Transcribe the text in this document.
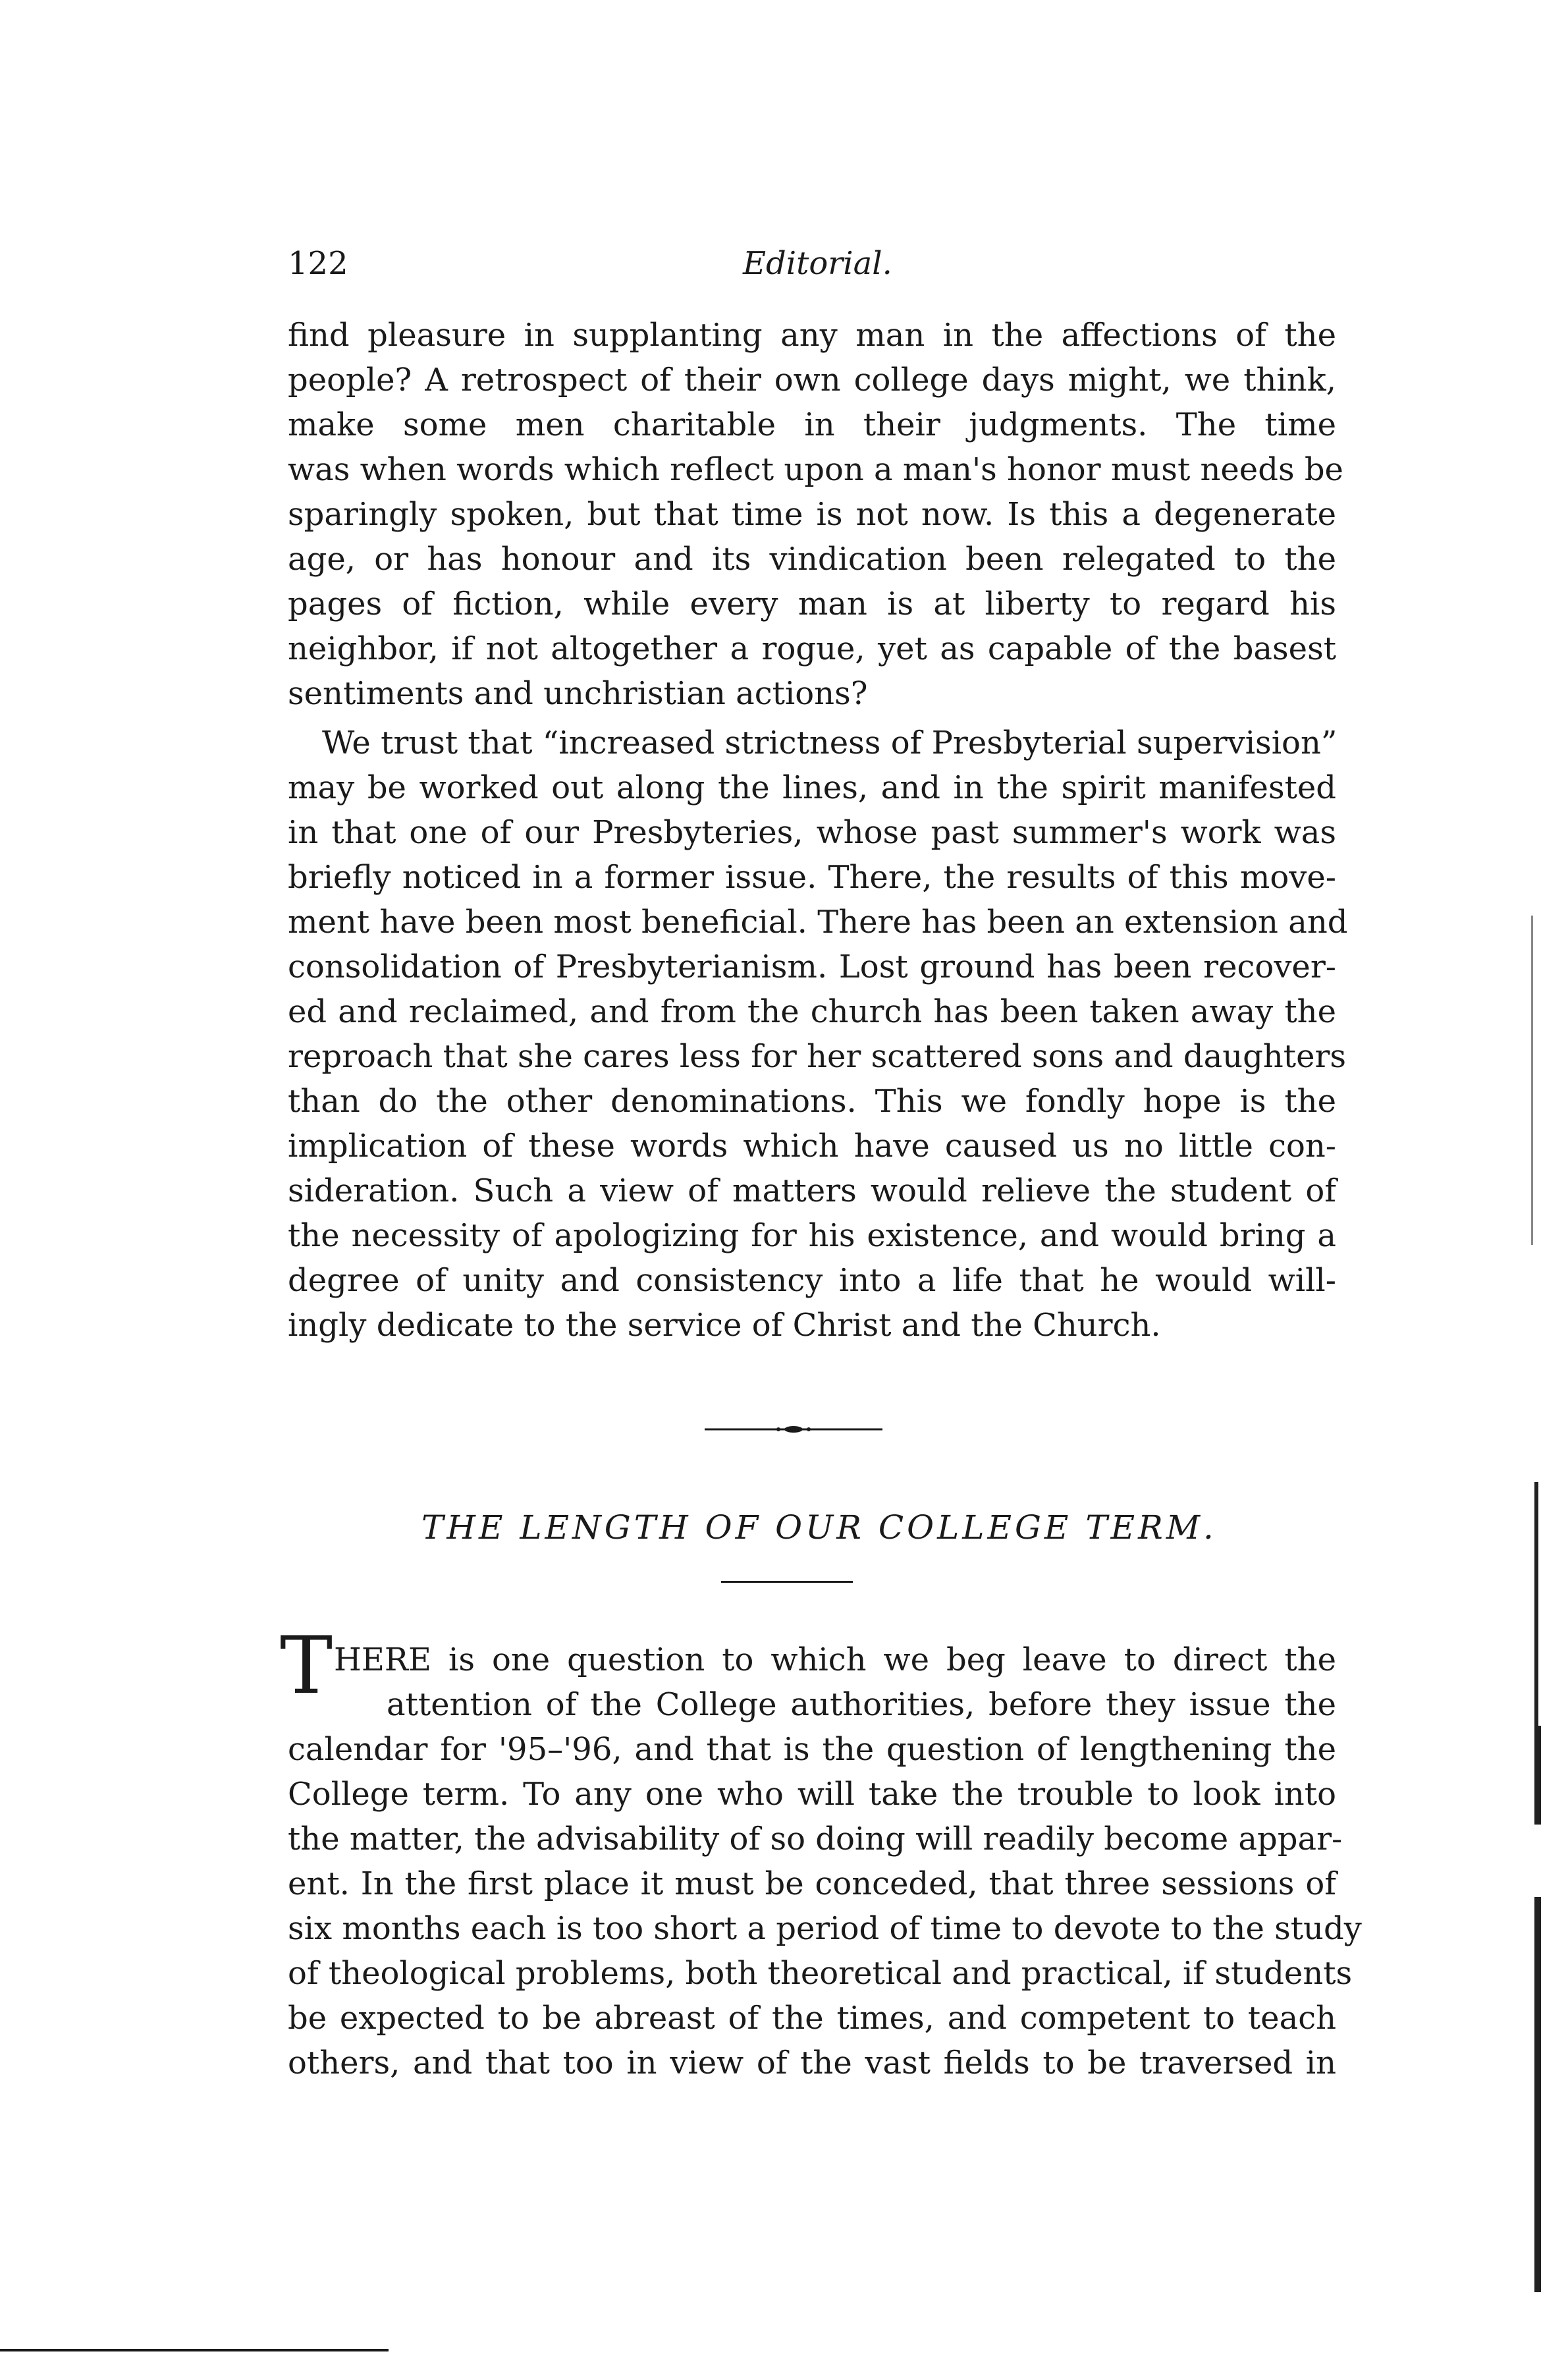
122	Editorial.
find pleasure in supplanting any man in the affections of the
people? A retrospect of their own college days might, we think,
make some men charitable in their judgments. The time
was when words which reflect upon a man's honor must needs be
sparingly spoken, but that time is not now. Is this a degenerate
age, or has honour and its vindication been relegated to the
pages of fiction, while every man is at liberty to regard his
neighbor, if not altogether a rogue, yet as capable of the basest
sentiments and unchristian actions?
We trust that “increased strictness of Presbyterial supervision”
may be worked out along the lines, and in the spirit manifested
in that one of our Presbyteries, whose past summer's work was
briefly noticed in a former issue. There, the results of this move-
ment have been most beneficial. There has been an extension and
consolidation of Presbyterianism. Lost ground has been recover-
ed and reclaimed, and from the church has been taken away the
reproach that she cares less for her scattered sons and daughters
than do the other denominations. This we fondly hope is the
implication of these words which have caused us no little con-
sideration. Such a view of matters would relieve the student of
the necessity of apologizing for his existence, and would bring a
degree of unity and consistency into a life that he would will-
ingly dedicate to the service of Christ and the Church.
THE LENGTH OF OUR COLLEGE TERM.
T HERE is one question to which we beg leave to direct the
attention of the College authorities, before they issue the
calendar for '95–'96, and that is the question of lengthening the
College term. To any one who will take the trouble to look into
the matter, the advisability of so doing will readily become appar-
ent. In the first place it must be conceded, that three sessions of
six months each is too short a period of time to devote to the study
of theological problems, both theoretical and practical, if students
be expected to be abreast of the times, and competent to teach
others, and that too in view of the vast fields to be traversed in
